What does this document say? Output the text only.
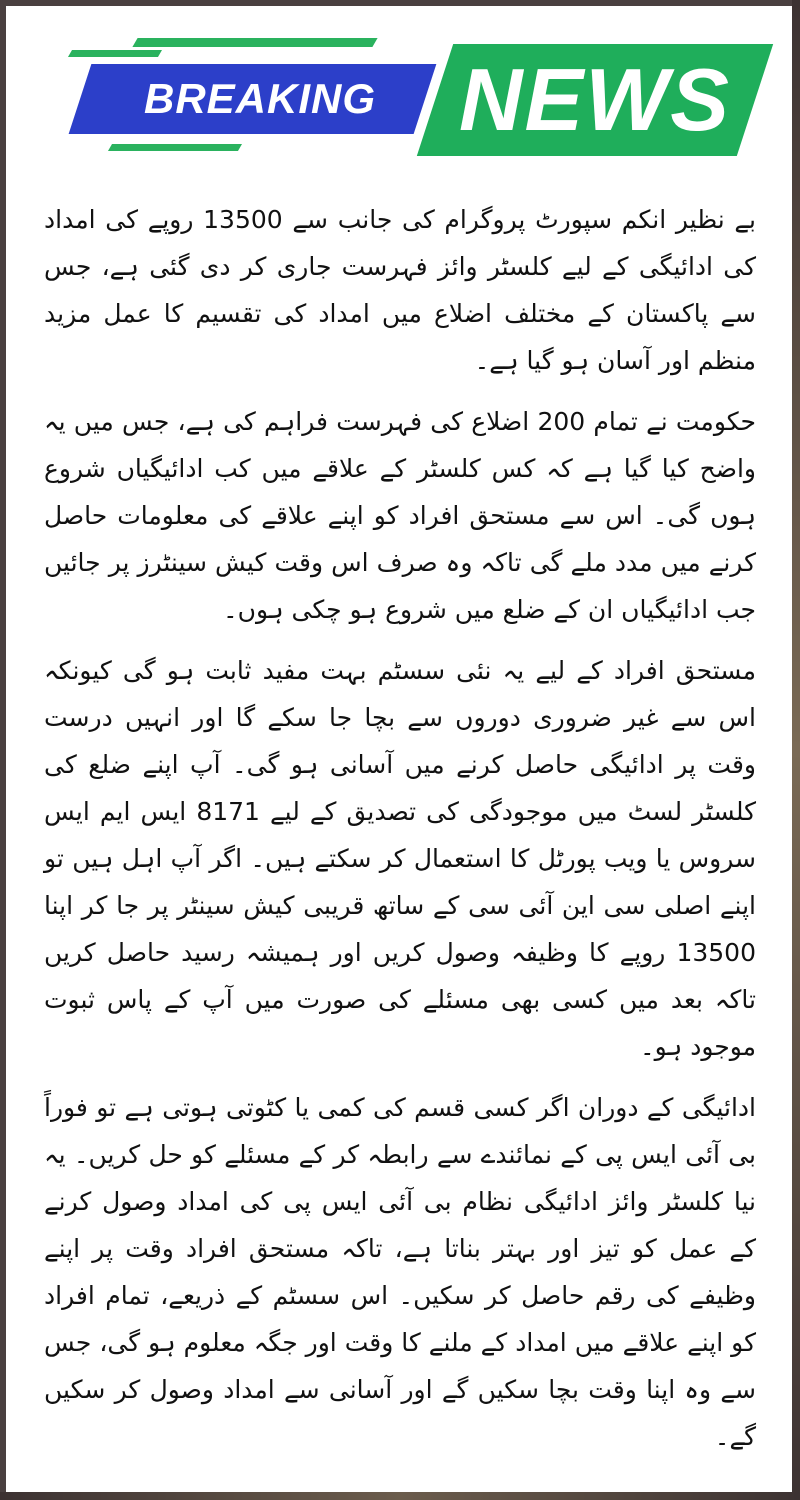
BREAKING NEWS

بے نظیر انکم سپورٹ پروگرام کی جانب سے 13500 روپے کی امداد کی ادائیگی کے لیے کلسٹر وائز فہرست جاری کر دی گئی ہے، جس سے پاکستان کے مختلف اضلاع میں امداد کی تقسیم کا عمل مزید منظم اور آسان ہو گیا ہے۔

حکومت نے تمام 200 اضلاع کی فہرست فراہم کی ہے، جس میں یہ واضح کیا گیا ہے کہ کس کلسٹر کے علاقے میں کب ادائیگیاں شروع ہوں گی۔ اس سے مستحق افراد کو اپنے علاقے کی معلومات حاصل کرنے میں مدد ملے گی تاکہ وہ صرف اس وقت کیش سینٹرز پر جائیں جب ادائیگیاں ان کے ضلع میں شروع ہو چکی ہوں۔

مستحق افراد کے لیے یہ نئی سسٹم بہت مفید ثابت ہو گی کیونکہ اس سے غیر ضروری دوروں سے بچا جا سکے گا اور انہیں درست وقت پر ادائیگی حاصل کرنے میں آسانی ہو گی۔ آپ اپنے ضلع کی کلسٹر لسٹ میں موجودگی کی تصدیق کے لیے 8171 ایس ایم ایس سروس یا ویب پورٹل کا استعمال کر سکتے ہیں۔ اگر آپ اہل ہیں تو اپنے اصلی سی این آئی سی کے ساتھ قریبی کیش سینٹر پر جا کر اپنا 13500 روپے کا وظیفہ وصول کریں اور ہمیشہ رسید حاصل کریں تاکہ بعد میں کسی بھی مسئلے کی صورت میں آپ کے پاس ثبوت موجود ہو۔

ادائیگی کے دوران اگر کسی قسم کی کمی یا کٹوتی ہوتی ہے تو فوراً بی آئی ایس پی کے نمائندے سے رابطہ کر کے مسئلے کو حل کریں۔ یہ نیا کلسٹر وائز ادائیگی نظام بی آئی ایس پی کی امداد وصول کرنے کے عمل کو تیز اور بہتر بناتا ہے، تاکہ مستحق افراد وقت پر اپنے وظیفے کی رقم حاصل کر سکیں۔ اس سسٹم کے ذریعے، تمام افراد کو اپنے علاقے میں امداد کے ملنے کا وقت اور جگہ معلوم ہو گی، جس سے وہ اپنا وقت بچا سکیں گے اور آسانی سے امداد وصول کر سکیں گے۔
